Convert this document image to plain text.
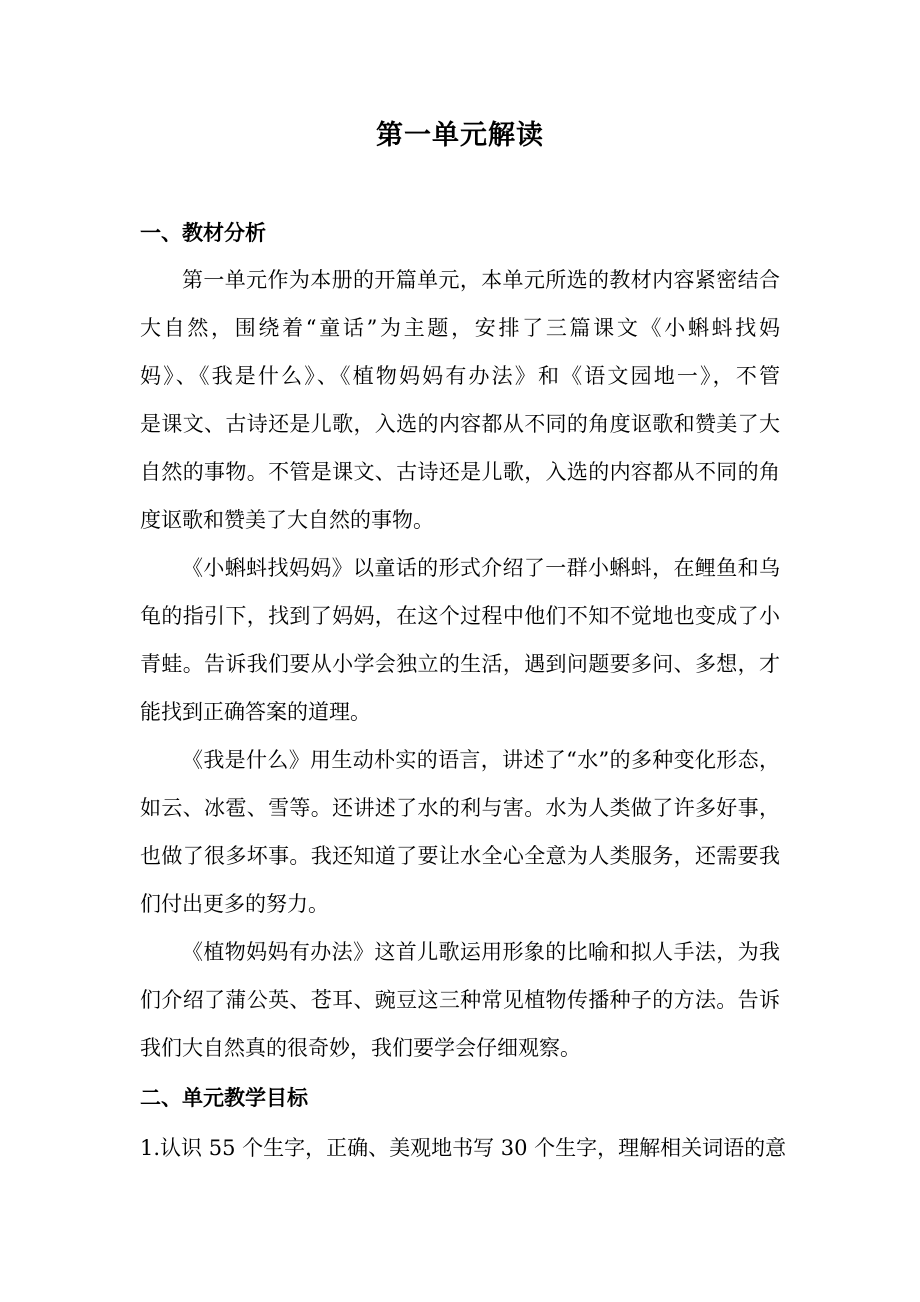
第一单元解读
一、教材分析
第一单元作为本册的开篇单元，本单元所选的教材内容紧密结合
大自然，围绕着“童话”为主题，安排了三篇课文《小蝌蚪找妈
妈》、《我是什么》、《植物妈妈有办法》和《语文园地一》，不管
是课文、古诗还是儿歌，入选的内容都从不同的角度讴歌和赞美了大
自然的事物。不管是课文、古诗还是儿歌，入选的内容都从不同的角
度讴歌和赞美了大自然的事物。
《小蝌蚪找妈妈》以童话的形式介绍了一群小蝌蚪，在鲤鱼和乌
龟的指引下，找到了妈妈，在这个过程中他们不知不觉地也变成了小
青蛙。告诉我们要从小学会独立的生活，遇到问题要多问、多想，才
能找到正确答案的道理。
《我是什么》用生动朴实的语言，讲述了“水”的多种变化形态，
如云、冰雹、雪等。还讲述了水的利与害。水为人类做了许多好事，
也做了很多坏事。我还知道了要让水全心全意为人类服务，还需要我
们付出更多的努力。
《植物妈妈有办法》这首儿歌运用形象的比喻和拟人手法，为我
们介绍了蒲公英、苍耳、豌豆这三种常见植物传播种子的方法。告诉
我们大自然真的很奇妙，我们要学会仔细观察。
二、单元教学目标
1.认识 55 个生字，正确、美观地书写 30 个生字，理解相关词语的意
